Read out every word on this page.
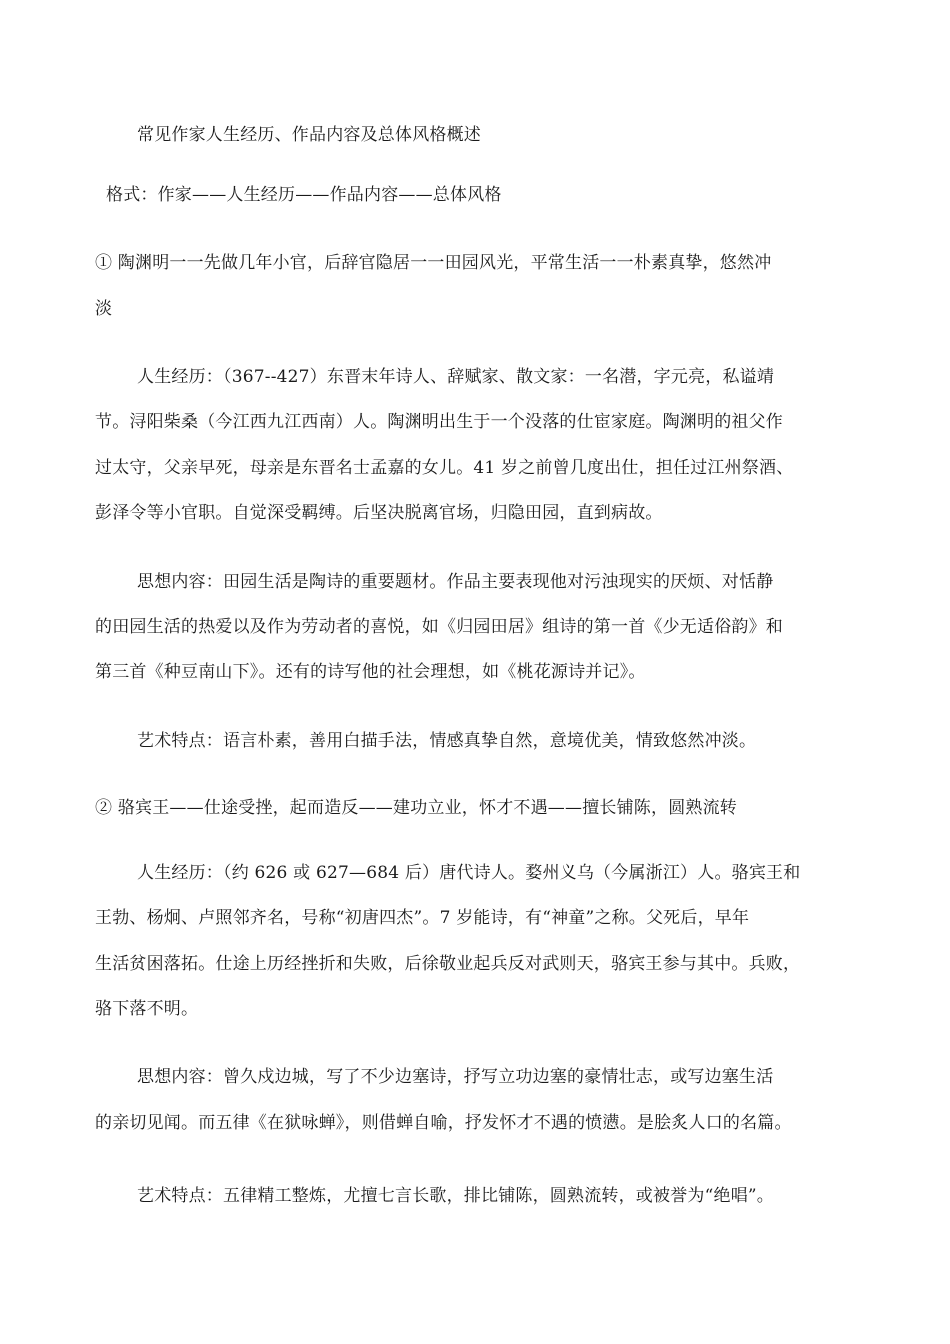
常见作家人生经历、作品内容及总体风格概述
格式：作家——人生经历——作品内容——总体风格
① 陶渊明一一先做几年小官，后辞官隐居一一田园风光，平常生活一一朴素真挚，悠然冲
淡
人生经历：（367--427）东晋末年诗人、辞赋家、散文家：一名潜，字元亮，私谥靖
节。浔阳柴桑（今江西九江西南）人。陶渊明出生于一个没落的仕宦家庭。陶渊明的祖父作
过太守，父亲早死，母亲是东晋名士孟嘉的女儿。41 岁之前曾几度出仕，担任过江州祭酒、
彭泽令等小官职。自觉深受羁缚。后坚决脱离官场，归隐田园，直到病故。
思想内容：田园生活是陶诗的重要题材。作品主要表现他对污浊现实的厌烦、对恬静
的田园生活的热爱以及作为劳动者的喜悦，如《归园田居》组诗的第一首《少无适俗韵》和
第三首《种豆南山下》。还有的诗写他的社会理想，如《桃花源诗并记》。
艺术特点：语言朴素，善用白描手法，情感真挚自然，意境优美，情致悠然冲淡。
② 骆宾王——仕途受挫，起而造反——建功立业，怀才不遇——擅长铺陈，圆熟流转
人生经历：（约 626 或 627—684 后）唐代诗人。婺州义乌（今属浙江）人。骆宾王和
王勃、杨炯、卢照邻齐名，号称“初唐四杰”。7 岁能诗，有“神童”之称。父死后，早年
生活贫困落拓。仕途上历经挫折和失败，后徐敬业起兵反对武则天，骆宾王参与其中。兵败，
骆下落不明。
思想内容：曾久戍边城，写了不少边塞诗，抒写立功边塞的豪情壮志，或写边塞生活
的亲切见闻。而五律《在狱咏蝉》，则借蝉自喻，抒发怀才不遇的愤懑。是脍炙人口的名篇。
艺术特点：五律精工整炼，尤擅七言长歌，排比铺陈，圆熟流转，或被誉为“绝唱”。
